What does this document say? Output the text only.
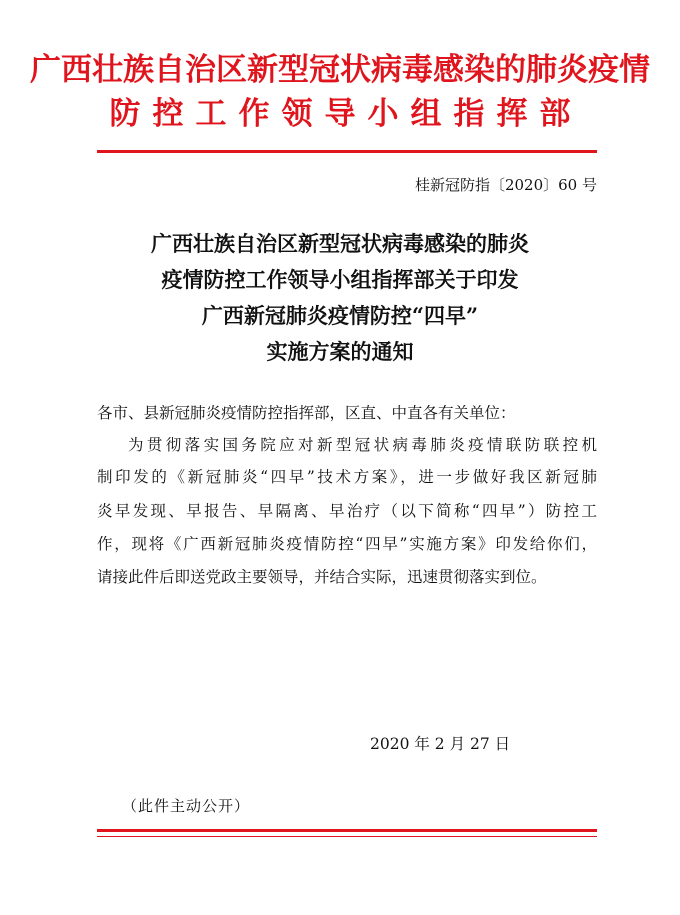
广西壮族自治区新型冠状病毒感染的肺炎疫情
防控工作领导小组指挥部
桂新冠防指〔2020〕60 号
广西壮族自治区新型冠状病毒感染的肺炎
疫情防控工作领导小组指挥部关于印发
广西新冠肺炎疫情防控“四早”
实施方案的通知
各市、县新冠肺炎疫情防控指挥部，区直、中直各有关单位：
为贯彻落实国务院应对新型冠状病毒肺炎疫情联防联控机
制印发的《新冠肺炎“四早”技术方案》，进一步做好我区新冠肺
炎早发现、早报告、早隔离、早治疗（以下简称“四早”）防控工
作，现将《广西新冠肺炎疫情防控“四早”实施方案》印发给你们，
请接此件后即送党政主要领导，并结合实际，迅速贯彻落实到位。
2020 年 2 月 27 日
（此件主动公开）
